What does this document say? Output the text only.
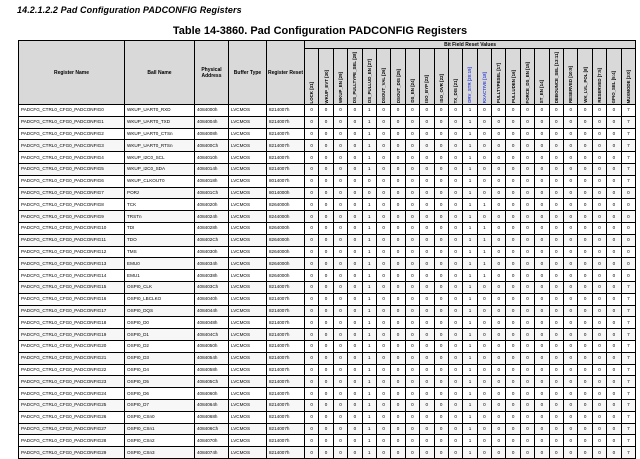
14.2.1.2.2 Pad Configuration PADCONFIG Registers
Table 14-3860. Pad Configuration PADCONFIG Registers
Register Name	Ball Name	Physical Address	Buffer Type	Register Reset	Bit Field Reset Values																						
					LOCK [31]	WKUP_EVT [30]	WKUP_EN [29]	DS_PULLTYPE_SEL [28]	DS_PULLUD_EN [27]	DSOUT_VAL [26]	DSOUT_DIS [25]	DS_EN [24]	ISO_BYP [23]	ISO_OVR [22]	TX_DIS [21]	DRV_STR [20:19]	RXACTIVE [18]	PULLTYPESEL [17]	PULLUDEN [16]	FORCE_DS_EN [15]	ST_EN [14]	DEBOUNCE_SEL [13:11]	RESERVED [10:9]	WK_LVL_POL [8]	RESERVED [7:5]	GPIO_SEL [5:4]	MUXMODE [3:0]
PADCFG_CTRL0_CFG0_PADCONFIG0	WKUP_UART0_RXD	4084000h	LVCMOS	8214007h	0	0	0	0	1	0	0	0	0	0	0	1	0	0	0	0	0	0	0	0	0	0	7
PADCFG_CTRL0_CFG0_PADCONFIG1	WKUP_UART0_TXD	4084004h	LVCMOS	8214007h	0	0	0	0	1	0	0	0	0	0	0	1	0	0	0	0	0	0	0	0	0	0	7
PADCFG_CTRL0_CFG0_PADCONFIG2	WKUP_UART0_CTSn	4084008h	LVCMOS	8214007h	0	0	0	0	1	0	0	0	0	0	0	1	0	0	0	0	0	0	0	0	0	0	7
PADCFG_CTRL0_CFG0_PADCONFIG3	WKUP_UART0_RTSn	408400Ch	LVCMOS	8214007h	0	0	0	0	1	0	0	0	0	0	0	1	0	0	0	0	0	0	0	0	0	0	7
PADCFG_CTRL0_CFG0_PADCONFIG4	WKUP_I2C0_SCL	4084010h	LVCMOS	8214007h	0	0	0	0	1	0	0	0	0	0	0	1	0	0	0	0	0	0	0	0	0	0	7
PADCFG_CTRL0_CFG0_PADCONFIG5	WKUP_I2C0_SDA	4084014h	LVCMOS	8214007h	0	0	0	0	1	0	0	0	0	0	0	1	0	0	0	0	0	0	0	0	0	0	7
PADCFG_CTRL0_CFG0_PADCONFIG6	WKUP_CLKOUT0	4084018h	LVCMOS	8014007h	0	0	0	0	0	0	0	0	0	0	0	1	0	0	0	0	0	0	0	0	0	0	7
PADCFG_CTRL0_CFG0_PADCONFIG7	PORz	408401Ch	LVCMOS	8014000h	0	0	0	0	0	0	0	0	0	0	0	1	0	0	0	0	0	0	0	0	0	0	0
PADCFG_CTRL0_CFG0_PADCONFIG8	TCK	4084020h	LVCMOS	8264000h	0	0	0	0	1	0	0	0	0	0	0	1	1	0	0	0	0	0	0	0	0	0	0
PADCFG_CTRL0_CFG0_PADCONFIG9	TRSTn	4084024h	LVCMOS	8244000h	0	0	0	0	1	0	0	0	0	0	0	1	0	0	0	0	0	0	0	0	0	0	0
PADCFG_CTRL0_CFG0_PADCONFIG10	TDI	4084028h	LVCMOS	8264000h	0	0	0	0	1	0	0	0	0	0	0	1	1	0	0	0	0	0	0	0	0	0	0
PADCFG_CTRL0_CFG0_PADCONFIG11	TDO	408402Ch	LVCMOS	8264000h	0	0	0	0	1	0	0	0	0	0	0	1	1	0	0	0	0	0	0	0	0	0	0
PADCFG_CTRL0_CFG0_PADCONFIG12	TMS	4084030h	LVCMOS	8264000h	0	0	0	0	1	0	0	0	0	0	0	1	1	0	0	0	0	0	0	0	0	0	0
PADCFG_CTRL0_CFG0_PADCONFIG13	EMU0	4084034h	LVCMOS	8264000h	0	0	0	0	1	0	0	0	0	0	0	1	1	0	0	0	0	0	0	0	0	0	0
PADCFG_CTRL0_CFG0_PADCONFIG14	EMU1	4084038h	LVCMOS	8264000h	0	0	0	0	1	0	0	0	0	0	0	1	1	0	0	0	0	0	0	0	0	0	0
PADCFG_CTRL0_CFG0_PADCONFIG15	OSPI0_CLK	408403Ch	LVCMOS	8214007h	0	0	0	0	1	0	0	0	0	0	0	1	0	0	0	0	0	0	0	0	0	0	7
PADCFG_CTRL0_CFG0_PADCONFIG16	OSPI0_LBCLKO	4084040h	LVCMOS	8214007h	0	0	0	0	1	0	0	0	0	0	0	1	0	0	0	0	0	0	0	0	0	0	7
PADCFG_CTRL0_CFG0_PADCONFIG17	OSPI0_DQS	4084044h	LVCMOS	8214007h	0	0	0	0	1	0	0	0	0	0	0	1	0	0	0	0	0	0	0	0	0	0	7
PADCFG_CTRL0_CFG0_PADCONFIG18	OSPI0_D0	4084048h	LVCMOS	8214007h	0	0	0	0	1	0	0	0	0	0	0	1	0	0	0	0	0	0	0	0	0	0	7
PADCFG_CTRL0_CFG0_PADCONFIG19	OSPI0_D1	408404Ch	LVCMOS	8214007h	0	0	0	0	1	0	0	0	0	0	0	1	0	0	0	0	0	0	0	0	0	0	7
PADCFG_CTRL0_CFG0_PADCONFIG20	OSPI0_D2	4084050h	LVCMOS	8214007h	0	0	0	0	1	0	0	0	0	0	0	1	0	0	0	0	0	0	0	0	0	0	7
PADCFG_CTRL0_CFG0_PADCONFIG21	OSPI0_D3	4084054h	LVCMOS	8214007h	0	0	0	0	1	0	0	0	0	0	0	1	0	0	0	0	0	0	0	0	0	0	7
PADCFG_CTRL0_CFG0_PADCONFIG22	OSPI0_D4	4084058h	LVCMOS	8214007h	0	0	0	0	1	0	0	0	0	0	0	1	0	0	0	0	0	0	0	0	0	0	7
PADCFG_CTRL0_CFG0_PADCONFIG23	OSPI0_D5	408405Ch	LVCMOS	8214007h	0	0	0	0	1	0	0	0	0	0	0	1	0	0	0	0	0	0	0	0	0	0	7
PADCFG_CTRL0_CFG0_PADCONFIG24	OSPI0_D6	4084060h	LVCMOS	8214007h	0	0	0	0	1	0	0	0	0	0	0	1	0	0	0	0	0	0	0	0	0	0	7
PADCFG_CTRL0_CFG0_PADCONFIG25	OSPI0_D7	4084064h	LVCMOS	8214007h	0	0	0	0	1	0	0	0	0	0	0	1	0	0	0	0	0	0	0	0	0	0	7
PADCFG_CTRL0_CFG0_PADCONFIG26	OSPI0_CSn0	4084068h	LVCMOS	8214007h	0	0	0	0	1	0	0	0	0	0	0	1	0	0	0	0	0	0	0	0	0	0	7
PADCFG_CTRL0_CFG0_PADCONFIG27	OSPI0_CSn1	408406Ch	LVCMOS	8214007h	0	0	0	0	1	0	0	0	0	0	0	1	0	0	0	0	0	0	0	0	0	0	7
PADCFG_CTRL0_CFG0_PADCONFIG28	OSPI0_CSn2	4084070h	LVCMOS	8214007h	0	0	0	0	1	0	0	0	0	0	0	1	0	0	0	0	0	0	0	0	0	0	7
PADCFG_CTRL0_CFG0_PADCONFIG29	OSPI0_CSn3	4084074h	LVCMOS	8214007h	0	0	0	0	1	0	0	0	0	0	0	1	0	0	0	0	0	0	0	0	0	0	7
